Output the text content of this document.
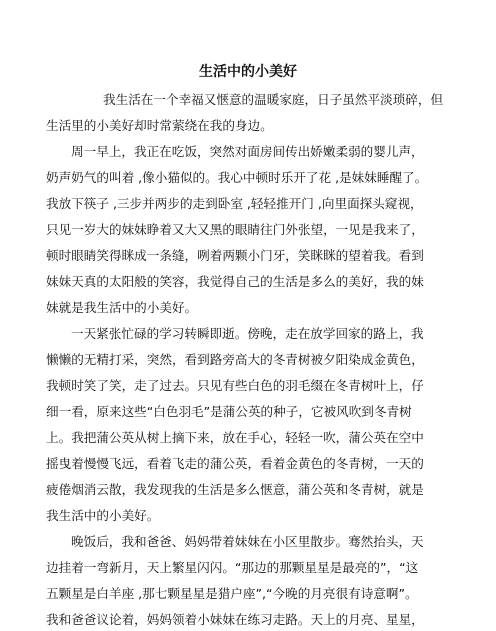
生活中的小美好
我生活在一个幸福又惬意的温暖家庭，日子虽然平淡琐碎，但
生活里的小美好却时常萦绕在我的身边。
周一早上，我正在吃饭，突然对面房间传出娇嫩柔弱的婴儿声，
奶声奶气的叫着 ,像小猫似的。我心中顿时乐开了花 ,是妹妹睡醒了。
我放下筷子 ,三步并两步的走到卧室 ,轻轻推开门 ,向里面探头窥视，
只见一岁大的妹妹睁着又大又黑的眼睛往门外张望，一见是我来了，
顿时眼睛笑得眯成一条缝，咧着两颗小门牙，笑眯眯的望着我。看到
妹妹天真的太阳般的笑容，我觉得自己的生活是多么的美好，我的妹
妹就是我生活中的小美好。
一天紧张忙碌的学习转瞬即逝。傍晚，走在放学回家的路上，我
懒懒的无精打采，突然，看到路旁高大的冬青树被夕阳染成金黄色，
我顿时笑了笑，走了过去。只见有些白色的羽毛缀在冬青树叶上，仔
细一看，原来这些“白色羽毛”是蒲公英的种子，它被风吹到冬青树
上。我把蒲公英从树上摘下来，放在手心，轻轻一吹，蒲公英在空中
摇曳着慢慢飞远，看着飞走的蒲公英，看着金黄色的冬青树，一天的
疲倦烟消云散，我发现我的生活是多么惬意，蒲公英和冬青树，就是
我生活中的小美好。
晚饭后，我和爸爸、妈妈带着妹妹在小区里散步。骞然抬头，天
边挂着一弯新月，天上繁星闪闪。“那边的那颗星星是最亮的”，“这
五颗星是白羊座 ,那七颗星星是猎户座”,“今晚的月亮很有诗意啊”。
我和爸爸议论着，妈妈领着小妹妹在练习走路。天上的月亮、星星，
